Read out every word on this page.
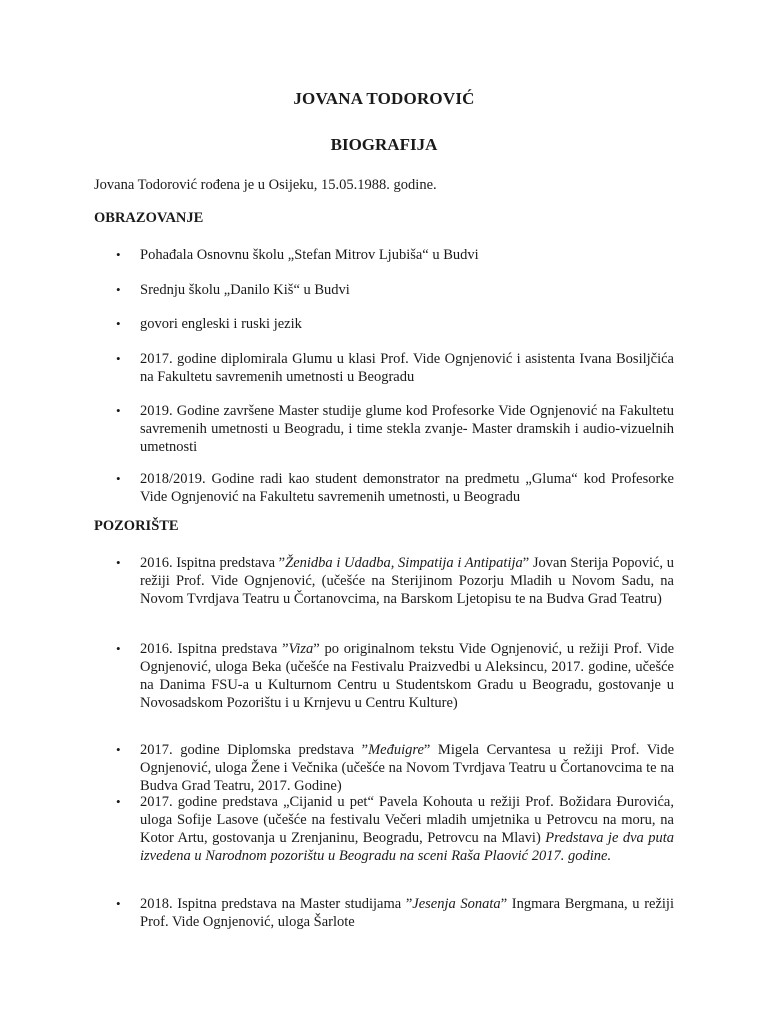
JOVANA TODOROVIĆ
BIOGRAFIJA
Jovana Todorović rođena je u Osijeku, 15.05.1988. godine.
OBRAZOVANJE
• Pohađala Osnovnu školu „Stefan Mitrov Ljubiša“ u Budvi
• Srednju školu „Danilo Kiš“ u Budvi
• govori engleski i ruski jezik
• 2017. godine diplomirala Glumu u klasi Prof. Vide Ognjenović i asistenta Ivana Bosiljčića na Fakultetu savremenih umetnosti u Beogradu
• 2019. Godine završene Master studije glume kod Profesorke Vide Ognjenović na Fakultetu savremenih umetnosti u Beogradu, i time stekla zvanje- Master dramskih i audio-vizuelnih umetnosti
• 2018/2019. Godine radi kao student demonstrator na predmetu „Gluma“ kod Profesorke Vide Ognjenović na Fakultetu savremenih umetnosti, u Beogradu
POZORIŠTE
• 2016. Ispitna predstava ”Ženidba i Udadba, Simpatija i Antipatija” Jovan Sterija Popović, u režiji Prof. Vide Ognjenović, (učešće na Sterijinom Pozorju Mladih u Novom Sadu, na Novom Tvrdjava Teatru u Čortanovcima, na Barskom Ljetopisu te na Budva Grad Teatru)
• 2016. Ispitna predstava ”Viza” po originalnom tekstu Vide Ognjenović, u režiji Prof. Vide Ognjenović, uloga Beka (učešće na Festivalu Praizvedbi u Aleksincu, 2017. godine, učešće na Danima FSU-a u Kulturnom Centru u Studentskom Gradu u Beogradu, gostovanje u Novosadskom Pozorištu i u Krnjevu u Centru Kulture)
• 2017. godine Diplomska predstava ”Međuigre” Migela Cervantesa u režiji Prof. Vide Ognjenović, uloga Žene i Večnika (učešće na Novom Tvrdjava Teatru u Čortanovcima te na Budva Grad Teatru, 2017. Godine)
• 2017. godine predstava „Cijanid u pet“ Pavela Kohouta u režiji Prof. Božidara Đurovića, uloga Sofije Lasove (učešće na festivalu Večeri mladih umjetnika u Petrovcu na moru, na Kotor Artu, gostovanja u Zrenjaninu, Beogradu, Petrovcu na Mlavi) Predstava je dva puta izvedena u Narodnom pozorištu u Beogradu na sceni Raša Plaović 2017. godine.
• 2018. Ispitna predstava na Master studijama ”Jesenja Sonata” Ingmara Bergmana, u režiji Prof. Vide Ognjenović, uloga Šarlote
